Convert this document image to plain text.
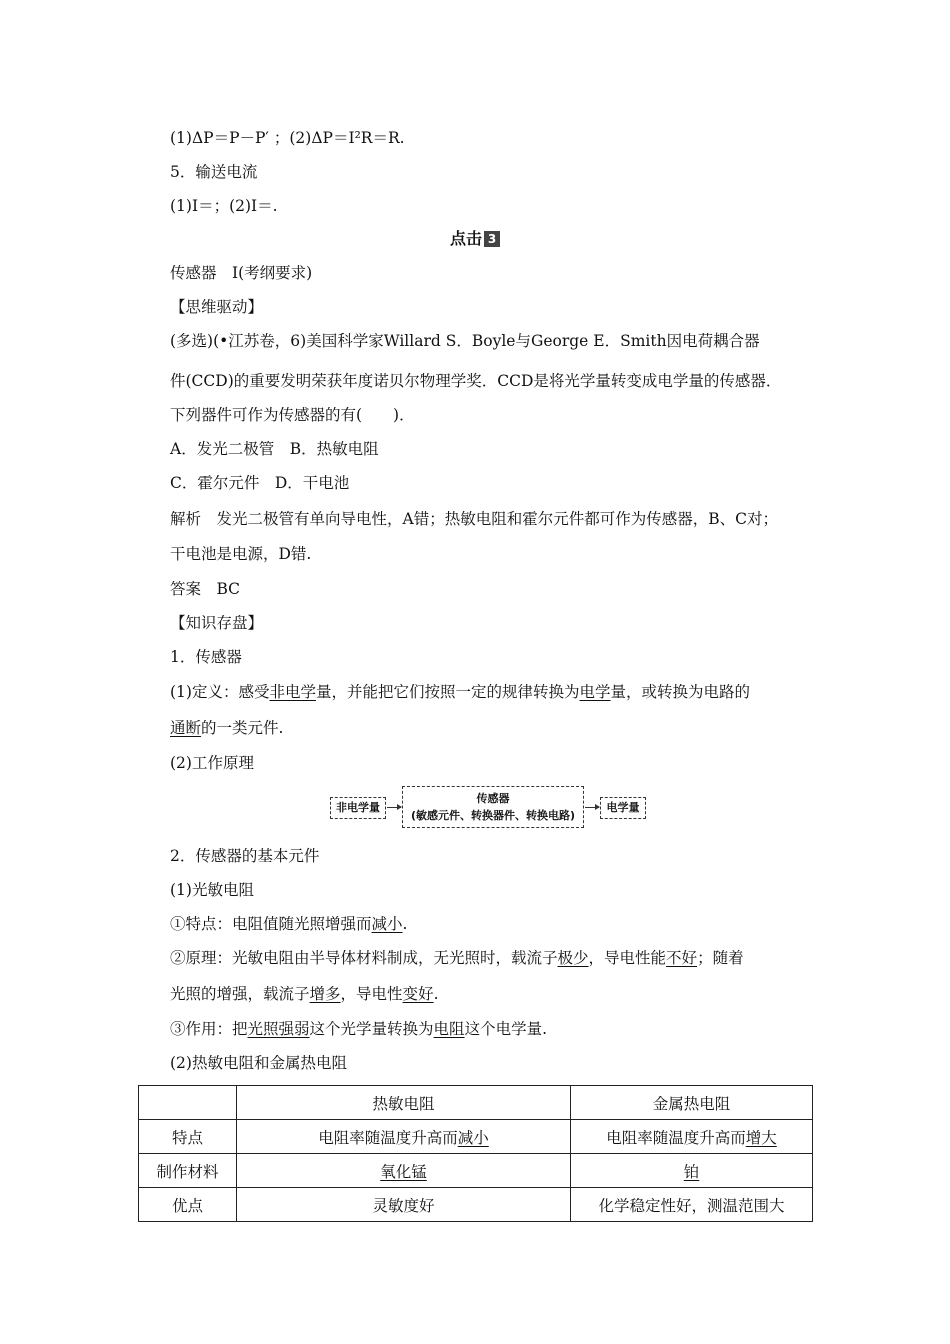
(1)ΔP＝P－P′ ；(2)ΔP＝I²R＝R.
5．输送电流
(1)I＝；(2)I＝.
点击 3
传感器　Ⅰ(考纲要求)
【思维驱动】
(多选)(•江苏卷，6)美国科学家Willard S．Boyle与George E．Smith因电荷耦合器
件(CCD)的重要发明荣获年度诺贝尔物理学奖．CCD是将光学量转变成电学量的传感器．
下列器件可作为传感器的有(　　)．
A．发光二极管　B．热敏电阻
C．霍尔元件　D．干电池
解析　发光二极管有单向导电性，A错；热敏电阻和霍尔元件都可作为传感器，B、C对；
干电池是电源，D错.
答案　BC
【知识存盘】
1．传感器
(1)定义：感受非电学量，并能把它们按照一定的规律转换为电学量，或转换为电路的
通断的一类元件.
(2)工作原理
非电学量
传感器
(敏感元件、转换器件、转换电路)
电学量
2．传感器的基本元件
(1)光敏电阻
①特点：电阻值随光照增强而减小.
②原理：光敏电阻由半导体材料制成，无光照时，载流子极少，导电性能不好；随着
光照的增强，载流子增多，导电性变好.
③作用：把光照强弱这个光学量转换为电阻这个电学量.
(2)热敏电阻和金属热电阻
	热敏电阻	金属热电阻
特点	电阻率随温度升高而减小	电阻率随温度升高而增大
制作材料	氧化锰	铂
优点	灵敏度好	化学稳定性好，测温范围大
